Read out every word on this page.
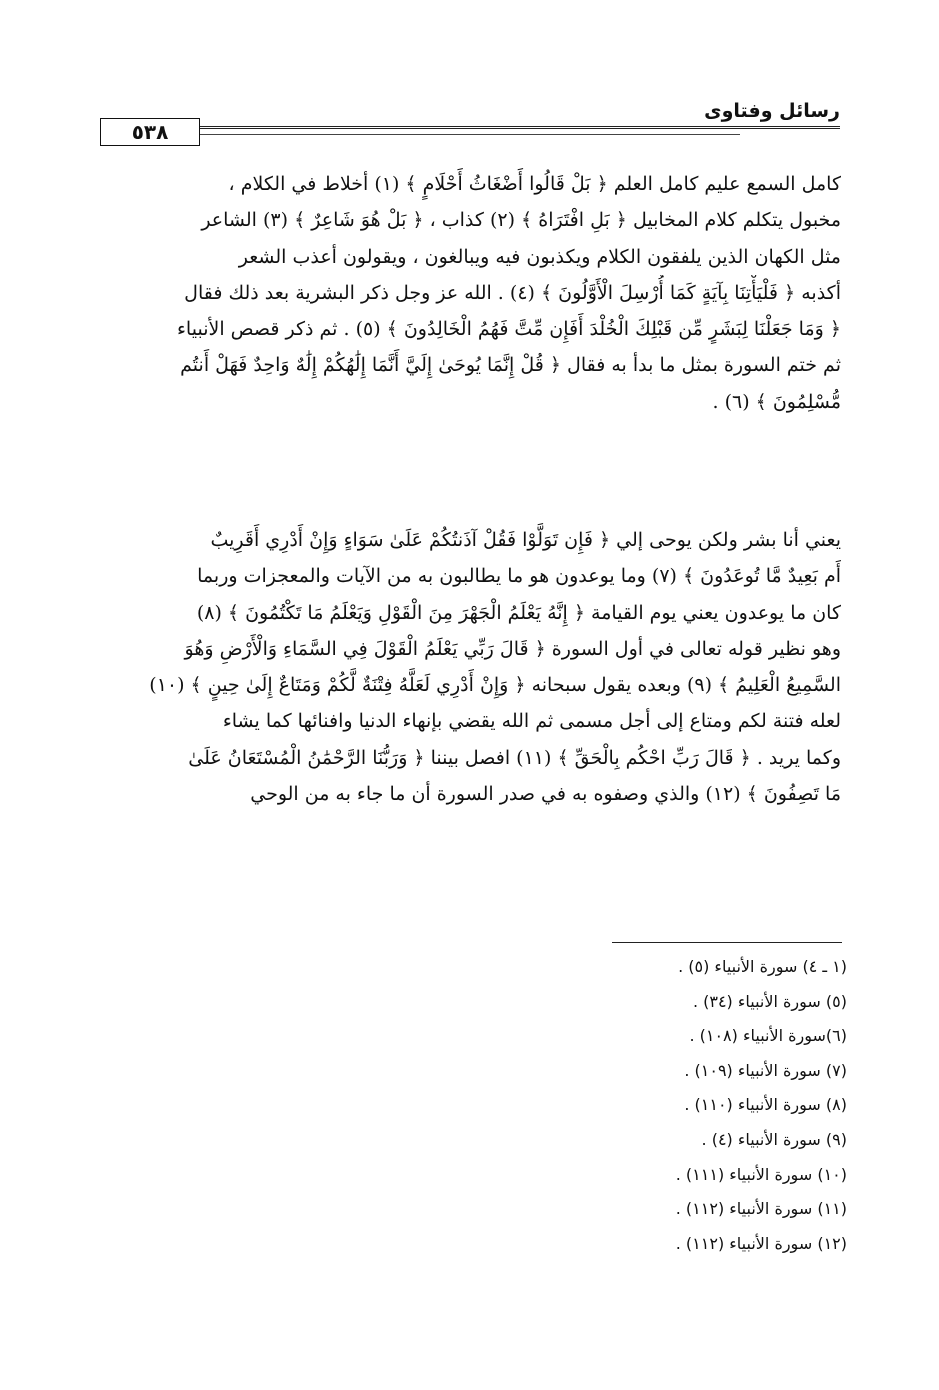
رسائل وفتاوى
٥٣٨
كامل السمع عليم كامل العلم ﴿ بَلْ قَالُوا أَضْغَاثُ أَحْلَامٍ ﴾ (١) أخلاط في الكلام ،
مخبول يتكلم كلام المخابيل ﴿ بَلِ افْتَرَاهُ ﴾ (٢) كذاب ، ﴿ بَلْ هُوَ شَاعِرٌ ﴾ (٣) الشاعر
مثل الكهان الذين يلفقون الكلام ويكذبون فيه ويبالغون ، ويقولون أعذب الشعر
أكذبه ﴿ فَلْيَأْتِنَا بِآيَةٍ كَمَا أُرْسِلَ الْأَوَّلُونَ ﴾ (٤) . الله عز وجل ذكر البشرية بعد ذلك فقال
﴿ وَمَا جَعَلْنَا لِبَشَرٍ مِّن قَبْلِكَ الْخُلْدَ أَفَإِن مِّتَّ فَهُمُ الْخَالِدُونَ ﴾ (٥) . ثم ذكر قصص الأنبياء
ثم ختم السورة بمثل ما بدأ به فقال ﴿ قُلْ إِنَّمَا يُوحَىٰ إِلَيَّ أَنَّمَا إِلَٰهُكُمْ إِلَٰهٌ وَاحِدٌ فَهَلْ أَنتُم
مُّسْلِمُونَ ﴾ (٦) .
يعني أنا بشر ولكن يوحى إلي ﴿ فَإِن تَوَلَّوْا فَقُلْ آذَنتُكُمْ عَلَىٰ سَوَاءٍ وَإِنْ أَدْرِي أَقَرِيبٌ
أَم بَعِيدٌ مَّا تُوعَدُونَ ﴾ (٧) وما يوعدون هو ما يطالبون به من الآيات والمعجزات وربما
كان ما يوعدون يعني يوم القيامة ﴿ إِنَّهُ يَعْلَمُ الْجَهْرَ مِنَ الْقَوْلِ وَيَعْلَمُ مَا تَكْتُمُونَ ﴾ (٨)
وهو نظير قوله تعالى في أول السورة ﴿ قَالَ رَبِّي يَعْلَمُ الْقَوْلَ فِي السَّمَاءِ وَالْأَرْضِ وَهُوَ
السَّمِيعُ الْعَلِيمُ ﴾ (٩) وبعده يقول سبحانه ﴿ وَإِنْ أَدْرِي لَعَلَّهُ فِتْنَةٌ لَّكُمْ وَمَتَاعٌ إِلَىٰ حِينٍ ﴾ (١٠)
لعله فتنة لكم ومتاع إلى أجل مسمى ثم الله يقضي بإنهاء الدنيا وافنائها كما يشاء
وكما يريد . ﴿ قَالَ رَبِّ احْكُم بِالْحَقِّ ﴾ (١١) افصل بيننا ﴿ وَرَبُّنَا الرَّحْمَٰنُ الْمُسْتَعَانُ عَلَىٰ
مَا تَصِفُونَ ﴾ (١٢) والذي وصفوه به في صدر السورة أن ما جاء به من الوحي
(١ ـ ٤) سورة الأنبياء (٥) .
(٥) سورة الأنبياء (٣٤) .
(٦)سورة الأنبياء (١٠٨) .
(٧) سورة الأنبياء (١٠٩) .
(٨) سورة الأنبياء (١١٠) .
(٩) سورة الأنبياء (٤) .
(١٠) سورة الأنبياء (١١١) .
(١١) سورة الأنبياء (١١٢) .
(١٢) سورة الأنبياء (١١٢) .
